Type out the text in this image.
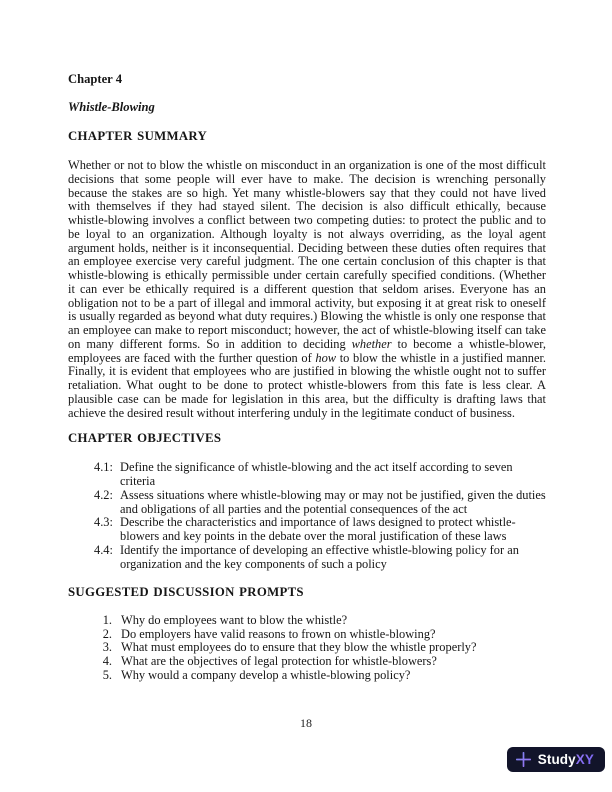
Chapter 4

Whistle-Blowing

CHAPTER SUMMARY

Whether or not to blow the whistle on misconduct in an organization is one of the most difficult decisions that some people will ever have to make. The decision is wrenching personally because the stakes are so high. Yet many whistle-blowers say that they could not have lived with themselves if they had stayed silent. The decision is also difficult ethically, because whistle-blowing involves a conflict between two competing duties: to protect the public and to be loyal to an organization. Although loyalty is not always overriding, as the loyal agent argument holds, neither is it inconsequential. Deciding between these duties often requires that an employee exercise very careful judgment. The one certain conclusion of this chapter is that whistle-blowing is ethically permissible under certain carefully specified conditions. (Whether it can ever be ethically required is a different question that seldom arises. Everyone has an obligation not to be a part of illegal and immoral activity, but exposing it at great risk to oneself is usually regarded as beyond what duty requires.) Blowing the whistle is only one response that an employee can make to report misconduct; however, the act of whistle-blowing itself can take on many different forms. So in addition to deciding whether to become a whistle-blower, employees are faced with the further question of how to blow the whistle in a justified manner. Finally, it is evident that employees who are justified in blowing the whistle ought not to suffer retaliation. What ought to be done to protect whistle-blowers from this fate is less clear. A plausible case can be made for legislation in this area, but the difficulty is drafting laws that achieve the desired result without interfering unduly in the legitimate conduct of business.

CHAPTER OBJECTIVES

4.1: Define the significance of whistle-blowing and the act itself according to seven criteria
4.2: Assess situations where whistle-blowing may or may not be justified, given the duties and obligations of all parties and the potential consequences of the act
4.3: Describe the characteristics and importance of laws designed to protect whistle-blowers and key points in the debate over the moral justification of these laws
4.4: Identify the importance of developing an effective whistle-blowing policy for an organization and the key components of such a policy

SUGGESTED DISCUSSION PROMPTS

1. Why do employees want to blow the whistle?
2. Do employers have valid reasons to frown on whistle-blowing?
3. What must employees do to ensure that they blow the whistle properly?
4. What are the objectives of legal protection for whistle-blowers?
5. Why would a company develop a whistle-blowing policy?
18
StudyXY
